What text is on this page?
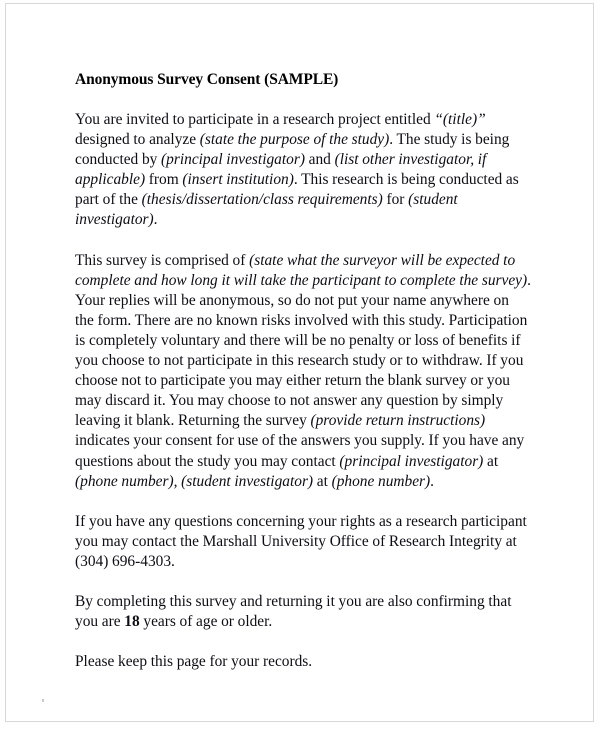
Anonymous Survey Consent (SAMPLE)

You are invited to participate in a research project entitled “(title)” designed to analyze (state the purpose of the study). The study is being conducted by (principal investigator) and (list other investigator, if applicable) from (insert institution). This research is being conducted as part of the (thesis/dissertation/class requirements) for (student investigator).

This survey is comprised of (state what the surveyor will be expected to complete and how long it will take the participant to complete the survey). Your replies will be anonymous, so do not put your name anywhere on the form. There are no known risks involved with this study. Participation is completely voluntary and there will be no penalty or loss of benefits if you choose to not participate in this research study or to withdraw. If you choose not to participate you may either return the blank survey or you may discard it. You may choose to not answer any question by simply leaving it blank. Returning the survey (provide return instructions) indicates your consent for use of the answers you supply. If you have any questions about the study you may contact (principal investigator) at (phone number), (student investigator) at (phone number).

If you have any questions concerning your rights as a research participant you may contact the Marshall University Office of Research Integrity at (304) 696-4303.

By completing this survey and returning it you are also confirming that you are 18 years of age or older.

Please keep this page for your records.
